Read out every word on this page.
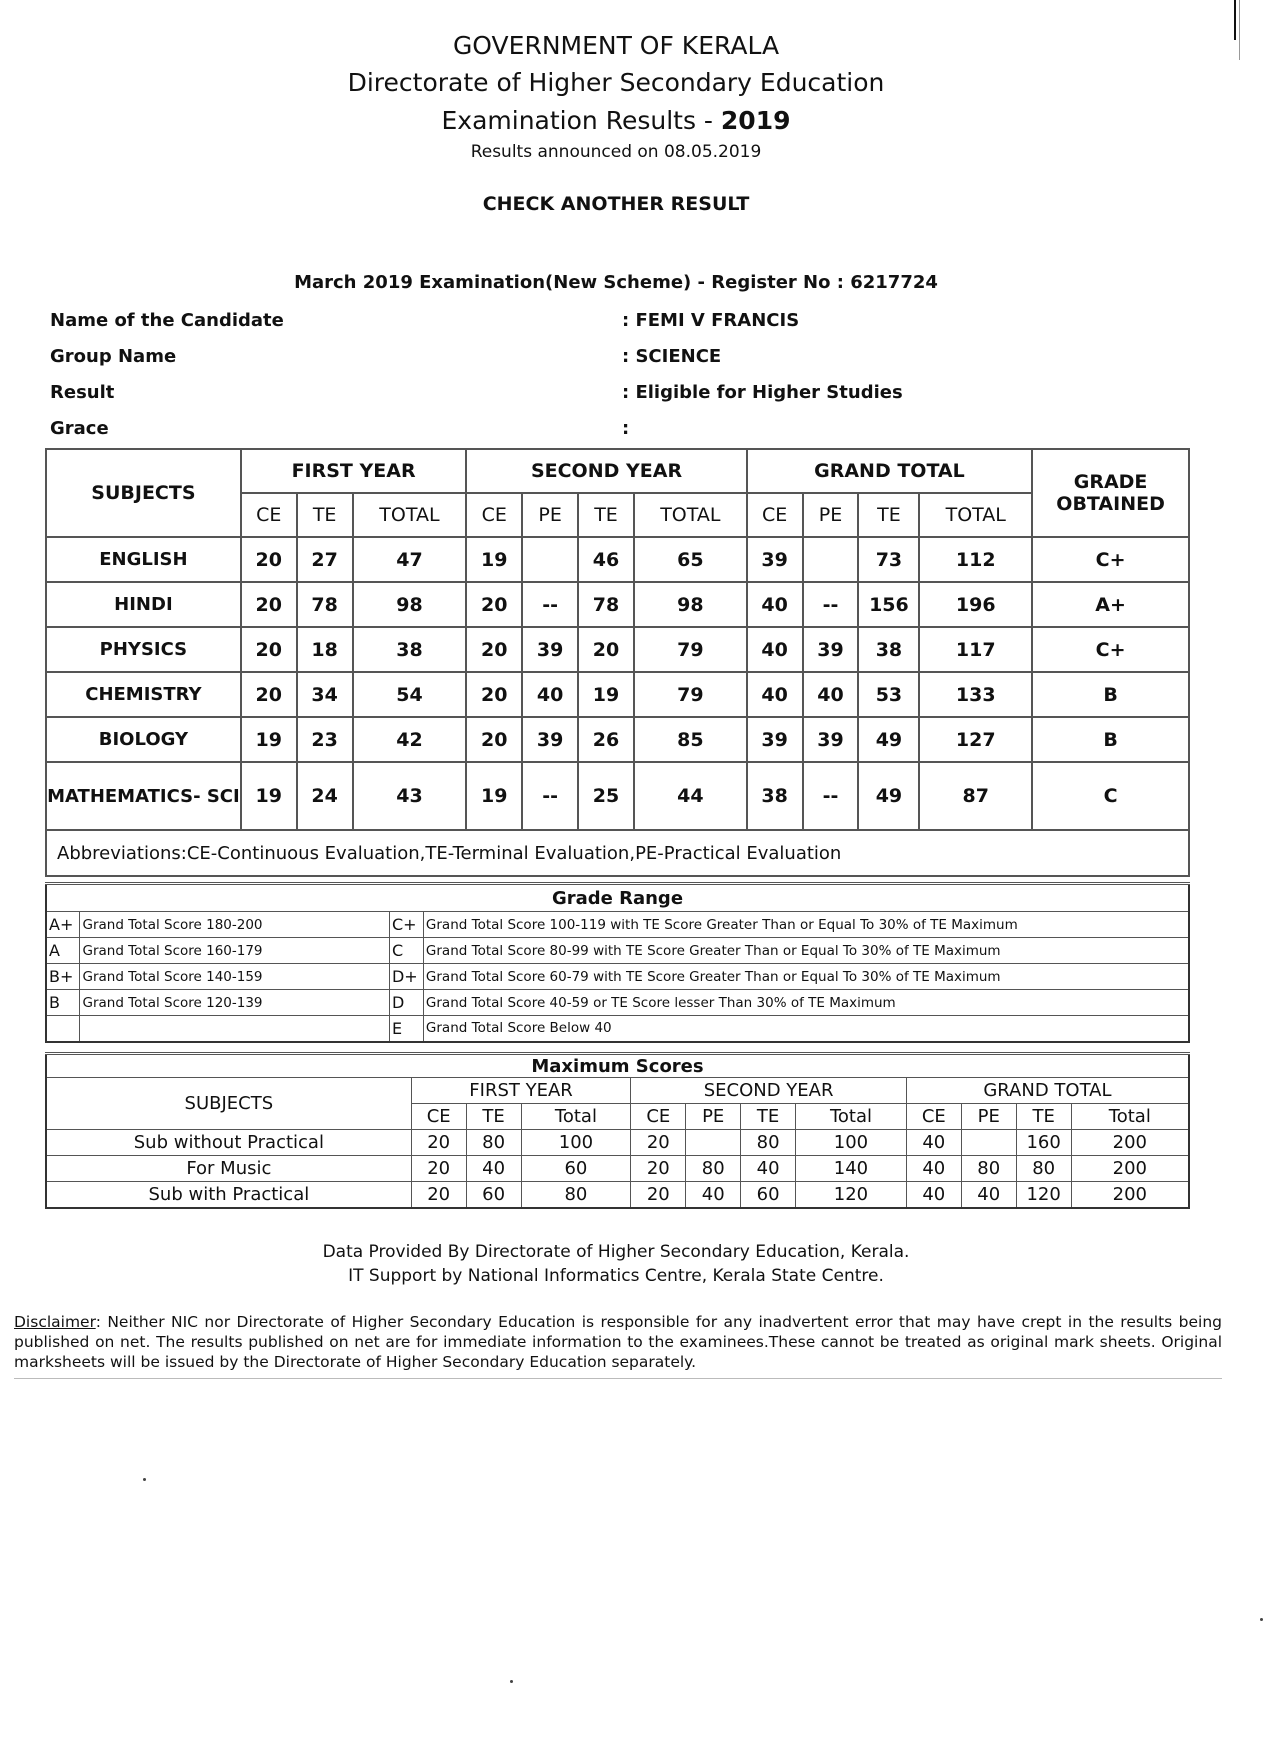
GOVERNMENT OF KERALA
Directorate of Higher Secondary Education
Examination Results - 2019
Results announced on 08.05.2019
CHECK ANOTHER RESULT
March 2019 Examination(New Scheme) - Register No : 6217724
Name of the Candidate	: FEMI V FRANCIS
Group Name	: SCIENCE
Result	: Eligible for Higher Studies
Grace	:
SUBJECTS	FIRST YEAR			SECOND YEAR				GRAND TOTAL				GRADE OBTAINED
	CE	TE	TOTAL	CE	PE	TE	TOTAL	CE	PE	TE	TOTAL	
ENGLISH	20	27	47	19		46	65	39		73	112	C+
HINDI	20	78	98	20	--	78	98	40	--	156	196	A+
PHYSICS	20	18	38	20	39	20	79	40	39	38	117	C+
CHEMISTRY	20	34	54	20	40	19	79	40	40	53	133	B
BIOLOGY	19	23	42	20	39	26	85	39	39	49	127	B
MATHEMATICS- SCI	19	24	43	19	--	25	44	38	--	49	87	C
Abbreviations:CE-Continuous Evaluation,TE-Terminal Evaluation,PE-Practical Evaluation												
Grade Range			
A+	Grand Total Score 180-200	C+	Grand Total Score 100-119 with TE Score Greater Than or Equal To 30% of TE Maximum
A	Grand Total Score 160-179	C	Grand Total Score 80-99 with TE Score Greater Than or Equal To 30% of TE Maximum
B+	Grand Total Score 140-159	D+	Grand Total Score 60-79 with TE Score Greater Than or Equal To 30% of TE Maximum
B	Grand Total Score 120-139	D	Grand Total Score 40-59 or TE Score lesser Than 30% of TE Maximum
		E	Grand Total Score Below 40
Maximum Scores											
SUBJECTS	FIRST YEAR			SECOND YEAR				GRAND TOTAL			
	CE	TE	Total	CE	PE	TE	Total	CE	PE	TE	Total
Sub without Practical	20	80	100	20		80	100	40		160	200
For Music	20	40	60	20	80	40	140	40	80	80	200
Sub with Practical	20	60	80	20	40	60	120	40	40	120	200
Data Provided By Directorate of Higher Secondary Education, Kerala.
IT Support by National Informatics Centre, Kerala State Centre.
Disclaimer: Neither NIC nor Directorate of Higher Secondary Education is responsible for any inadvertent error that may have crept in the results being published on net. The results published on net are for immediate information to the examinees.These cannot be treated as original mark sheets. Original marksheets will be issued by the Directorate of Higher Secondary Education separately.
